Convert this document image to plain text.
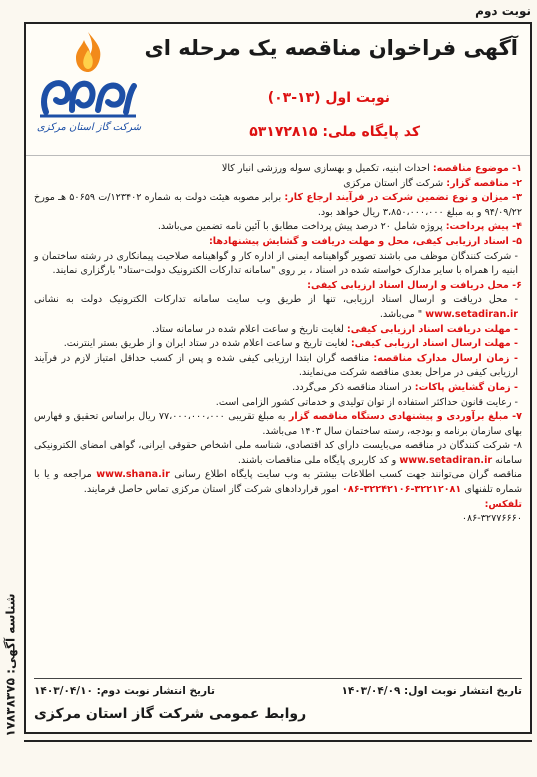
نوبت دوم
شناسه آگهی: ۱۷۸۳۸۳۷۵
شرکت گاز استان مرکزی
آگهی فراخوان مناقصه یک مرحله ای
نوبت اول (۱۳-۰۳)
کد پایگاه ملی: ۵۳۱۷۲۸۱۵

۱- موضوع مناقصه: احداث ابنیه، تکمیل و بهسازی سوله ورزشی انبار کالا

۲- مناقصه گزار: شرکت گاز استان مرکزی

۳- میزان و نوع تضمین شرکت در فرآیند ارجاع کار: برابر مصوبه هیئت دولت به شماره ۱۲۳۴۰۲/ت ۵۰۶۵۹ هـ مورخ ۹۴/۰۹/۲۲ و به مبلغ ۳،۸۵۰،۰۰۰،۰۰۰ ریال خواهد بود.

۴- پیش پرداخت: پروژه شامل ۲۰ درصد پیش پرداخت مطابق با آئین نامه تضمین می‌باشد.

۵- اسناد ارزیابی کیفی، محل و مهلت دریافت و گشایش پیشنهادها:

- شرکت کنندگان موظف می باشند تصویر گواهینامه ایمنی از اداره کار و گواهینامه صلاحیت پیمانکاری در رشته ساختمان و ابنیه را همراه با سایر مدارک خواسته شده در اسناد ، بر روی "سامانه تدارکات الکترونیک دولت-ستاد" بارگزاری نمایند.

۶- محل دریافت و ارسال اسناد ارزیابی کیفی:

- محل دریافت و ارسال اسناد ارزیابی، تنها از طریق وب سایت سامانه تدارکات الکترونیک دولت به نشانی www.setadiran.ir " می‌باشد.

- مهلت دریافت اسناد ارزیابی کیفی: لغایت تاریخ و ساعت اعلام شده در سامانه ستاد.

- مهلت ارسال اسناد ارزیابی کیفی: لغایت تاریخ و ساعت اعلام شده در ستاد ایران و از طریق بستر اینترنت.

- زمان ارسال مدارک مناقصه: مناقصه گران ابتدا ارزیابی کیفی شده و پس از کسب حداقل امتیاز لازم در فرآیند ارزیابی کیفی در مراحل بعدی مناقصه شرکت می‌نمایند.

- زمان گشایش پاکات: در اسناد مناقصه ذکر می‌گردد.

- رعایت قانون حداکثر استفاده از توان تولیدی و خدماتی کشور الزامی است.

۷- مبلغ برآوردی و پیشنهادی دستگاه مناقصه گزار به مبلغ تقریبی ۷۷،۰۰۰،۰۰۰،۰۰۰ ریال براساس تحقیق و فهارس بهای سازمان برنامه و بودجه، رسته ساختمان سال ۱۴۰۳ می‌باشد.

۸- شرکت کنندگان در مناقصه می‌بایست دارای کد اقتصادی، شناسه ملی اشخاص حقوقی ایرانی، گواهی امضای الکترونیکی سامانه www.setadiran.ir و کد کاربری پایگاه ملی مناقصات باشند.

مناقصه گران می‌توانند جهت کسب اطلاعات بیشتر به وب سایت پایگاه اطلاع رسانی www.shana.ir مراجعه و یا با شماره تلفنهای ۳۲۲۱۲۰۸۱-۳۲۲۴۲۱۰۶-۰۸۶ امور قراردادهای شرکت گاز استان مرکزی تماس حاصل فرمایند.

تلفکس:
۰۸۶-۳۲۷۷۶۶۶۰

تاریخ انتشار نوبت اول: ۱۴۰۳/۰۴/۰۹
تاریخ انتشار نوبت دوم: ۱۴۰۳/۰۴/۱۰
روابط عمومی شرکت گاز استان مرکزی
